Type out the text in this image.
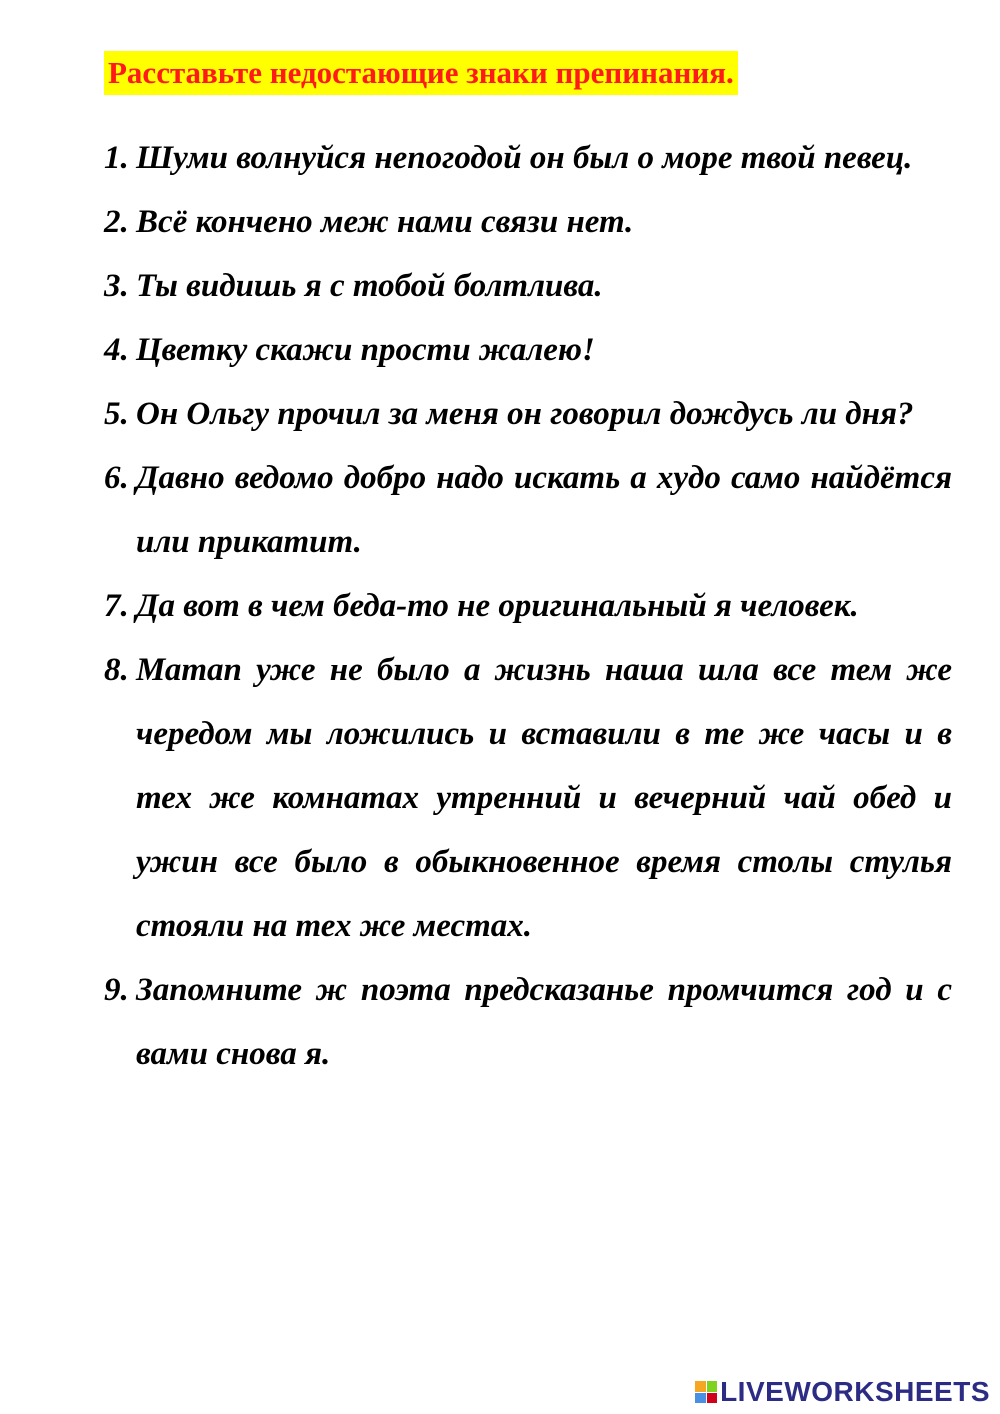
Расставьте недостающие знаки препинания.
1. Шуми волнуйся непогодой он был о море твой певец.
2. Всё кончено меж нами связи нет.
3. Ты видишь я с тобой болтлива.
4. Цветку скажи прости жалею!
5. Он Ольгу прочил за меня он говорил дождусь ли дня?
6. Давно ведомо добро надо искать а худо само найдётся или прикатит.
7. Да вот в чем беда-то не оригинальный я человек.
8. Матап уже не было а жизнь наша шла все тем же чередом мы ложились и вставили в те же часы и в тех же комнатах утренний и вечерний чай обед и ужин все было в обыкновенное время столы стулья стояли на тех же местах.
9. Запомните ж поэта предсказанье промчится год и с вами снова я.
LIVEWORKSHEETS
